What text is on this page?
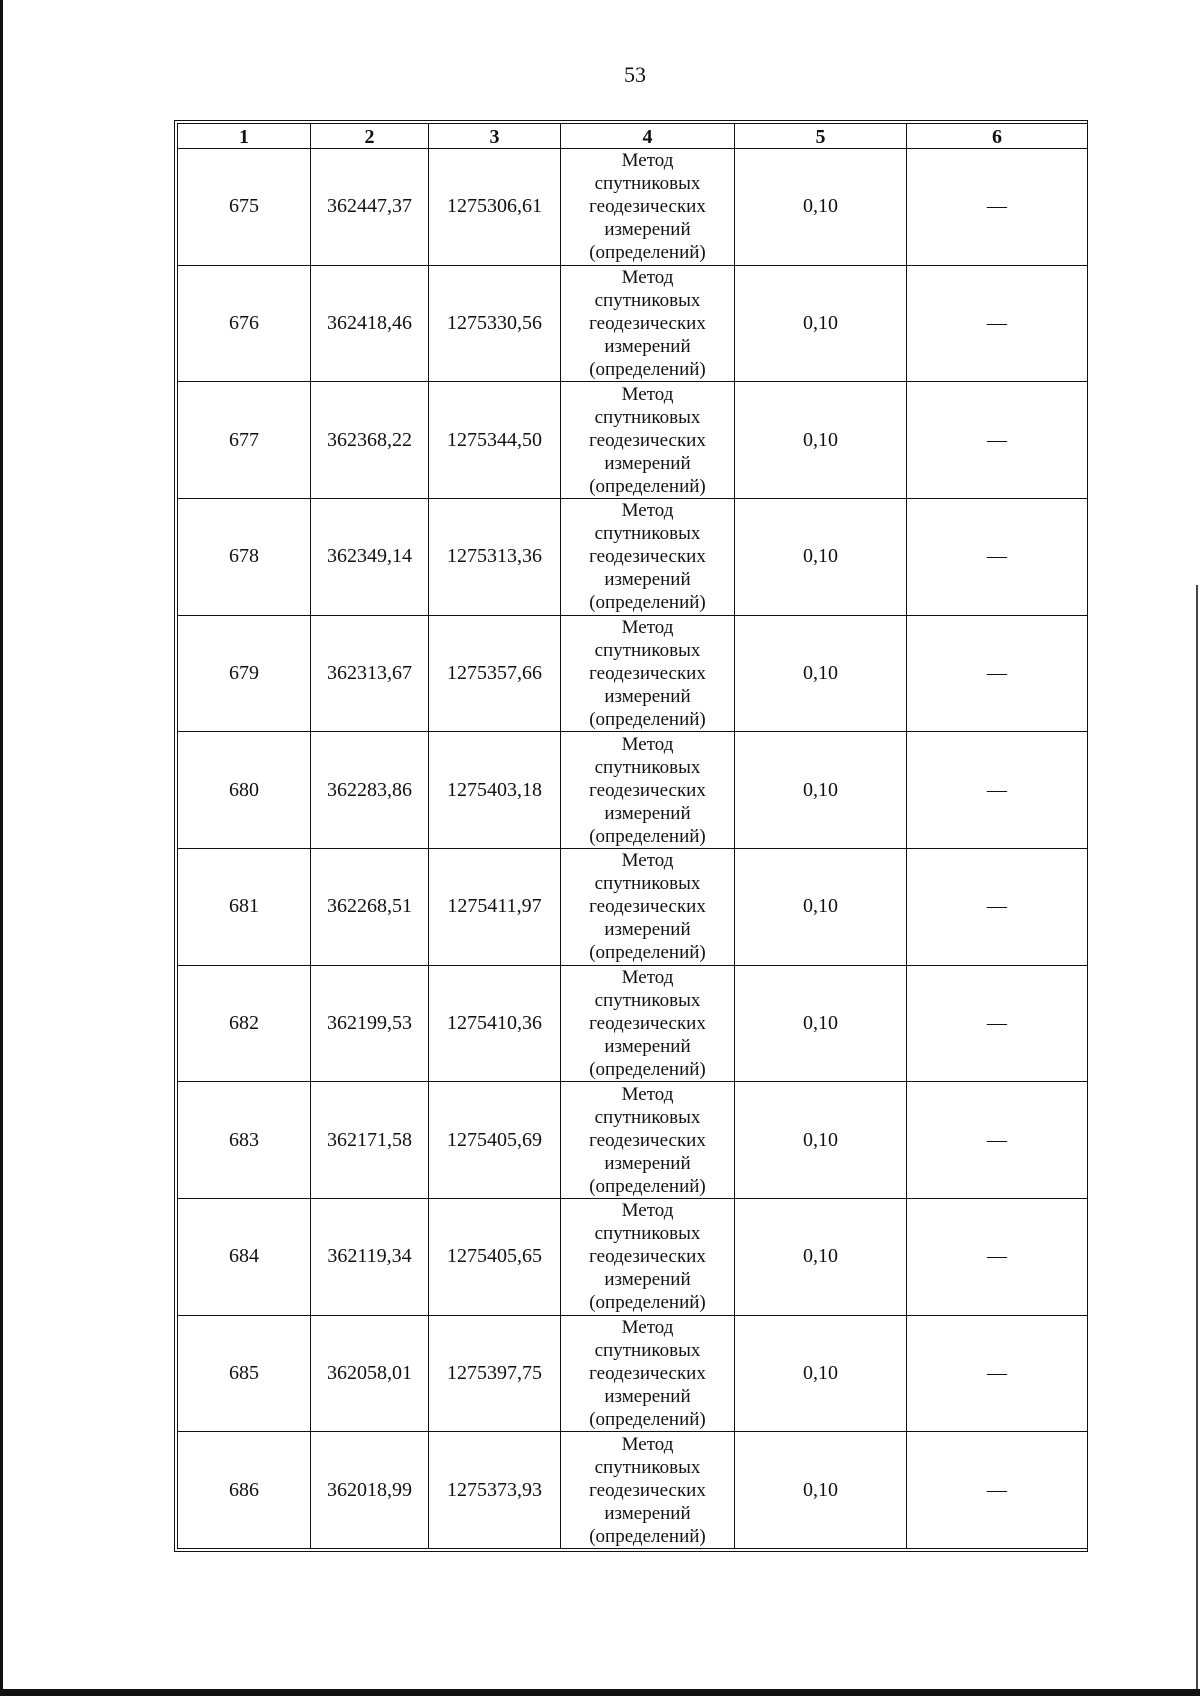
53
1	2	3	4	5	6
675	362447,37	1275306,61	Метод
спутниковых
геодезических
измерений
(определений)	0,10	—
676	362418,46	1275330,56	Метод
спутниковых
геодезических
измерений
(определений)	0,10	—
677	362368,22	1275344,50	Метод
спутниковых
геодезических
измерений
(определений)	0,10	—
678	362349,14	1275313,36	Метод
спутниковых
геодезических
измерений
(определений)	0,10	—
679	362313,67	1275357,66	Метод
спутниковых
геодезических
измерений
(определений)	0,10	—
680	362283,86	1275403,18	Метод
спутниковых
геодезических
измерений
(определений)	0,10	—
681	362268,51	1275411,97	Метод
спутниковых
геодезических
измерений
(определений)	0,10	—
682	362199,53	1275410,36	Метод
спутниковых
геодезических
измерений
(определений)	0,10	—
683	362171,58	1275405,69	Метод
спутниковых
геодезических
измерений
(определений)	0,10	—
684	362119,34	1275405,65	Метод
спутниковых
геодезических
измерений
(определений)	0,10	—
685	362058,01	1275397,75	Метод
спутниковых
геодезических
измерений
(определений)	0,10	—
686	362018,99	1275373,93	Метод
спутниковых
геодезических
измерений
(определений)	0,10	—
